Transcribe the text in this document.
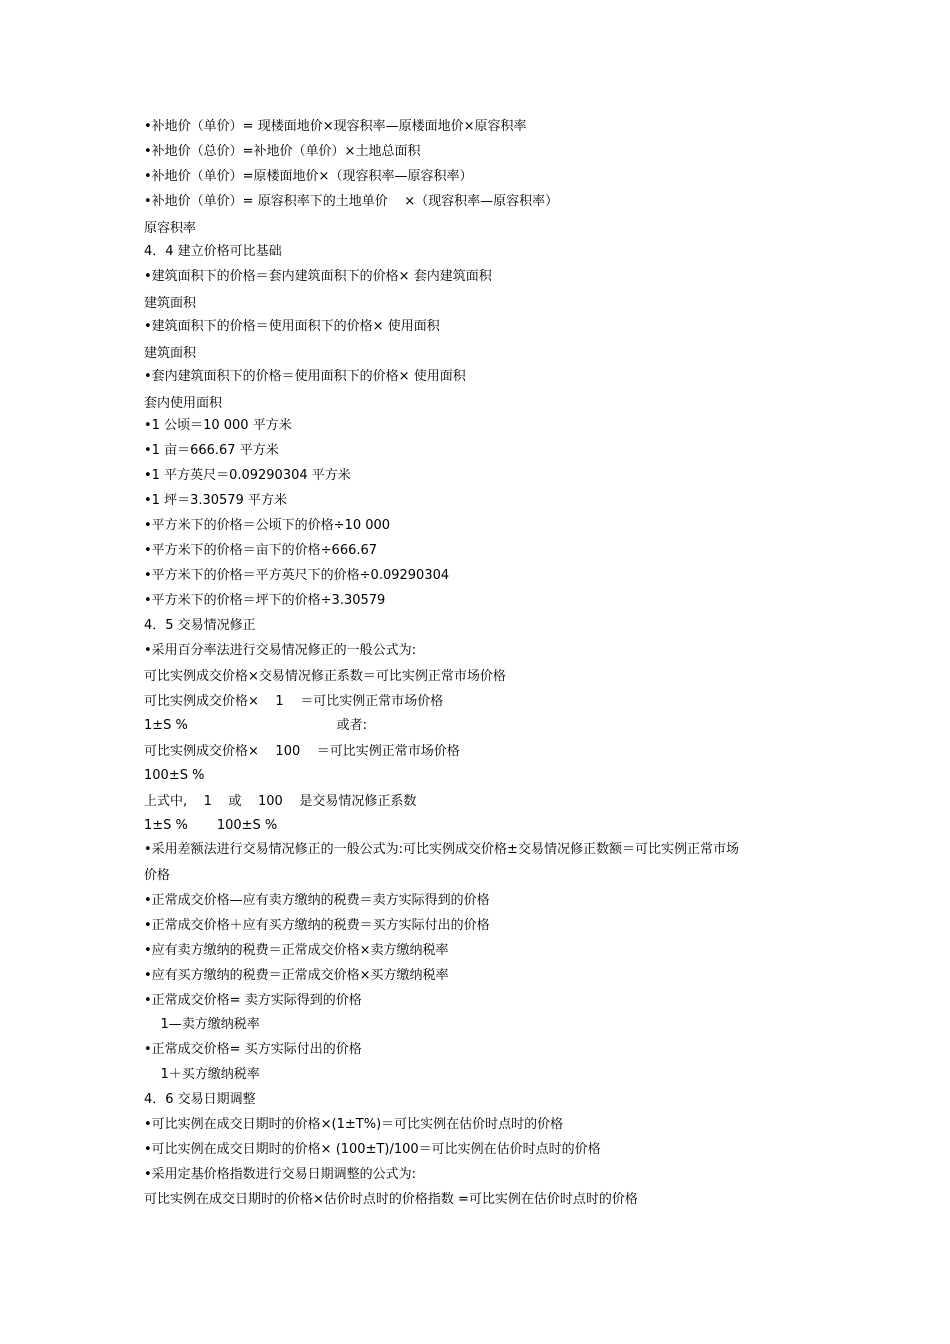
•补地价（单价）= 现楼面地价×现容积率—原楼面地价×原容积率
•补地价（总价）=补地价（单价）×土地总面积
•补地价（单价）=原楼面地价×（现容积率—原容积率）
•补地价（单价）= 原容积率下的土地单价    ×（现容积率—原容积率）
原容积率
4．4 建立价格可比基础
•建筑面积下的价格＝套内建筑面积下的价格× 套内建筑面积
建筑面积
•建筑面积下的价格＝使用面积下的价格× 使用面积
建筑面积
•套内建筑面积下的价格＝使用面积下的价格× 使用面积
套内使用面积
•1 公顷＝10 000 平方米
•1 亩＝666.67 平方米
•1 平方英尺＝0.09290304 平方米
•1 坪＝3.30579 平方米
•平方米下的价格＝公顷下的价格÷10 000
•平方米下的价格＝亩下的价格÷666.67
•平方米下的价格＝平方英尺下的价格÷0.09290304
•平方米下的价格＝坪下的价格÷3.30579
4．5 交易情况修正
•采用百分率法进行交易情况修正的一般公式为:
可比实例成交价格×交易情况修正系数＝可比实例正常市场价格
可比实例成交价格×    1    ＝可比实例正常市场价格
1±S %                                    或者:
可比实例成交价格×    100    ＝可比实例正常市场价格
100±S %
上式中,    1    或    100    是交易情况修正系数
1±S %       100±S %
•采用差额法进行交易情况修正的一般公式为:可比实例成交价格±交易情况修正数额＝可比实例正常市场
价格
•正常成交价格—应有卖方缴纳的税费＝卖方实际得到的价格
•正常成交价格＋应有买方缴纳的税费＝买方实际付出的价格
•应有卖方缴纳的税费＝正常成交价格×卖方缴纳税率
•应有买方缴纳的税费＝正常成交价格×买方缴纳税率
•正常成交价格= 卖方实际得到的价格
1—卖方缴纳税率
•正常成交价格= 买方实际付出的价格
1＋买方缴纳税率
4．6 交易日期调整
•可比实例在成交日期时的价格×(1±T%)＝可比实例在估价时点时的价格
•可比实例在成交日期时的价格× (100±T)/100＝可比实例在估价时点时的价格
•采用定基价格指数进行交易日期调整的公式为:
可比实例在成交日期时的价格×估价时点时的价格指数 =可比实例在估价时点时的价格
